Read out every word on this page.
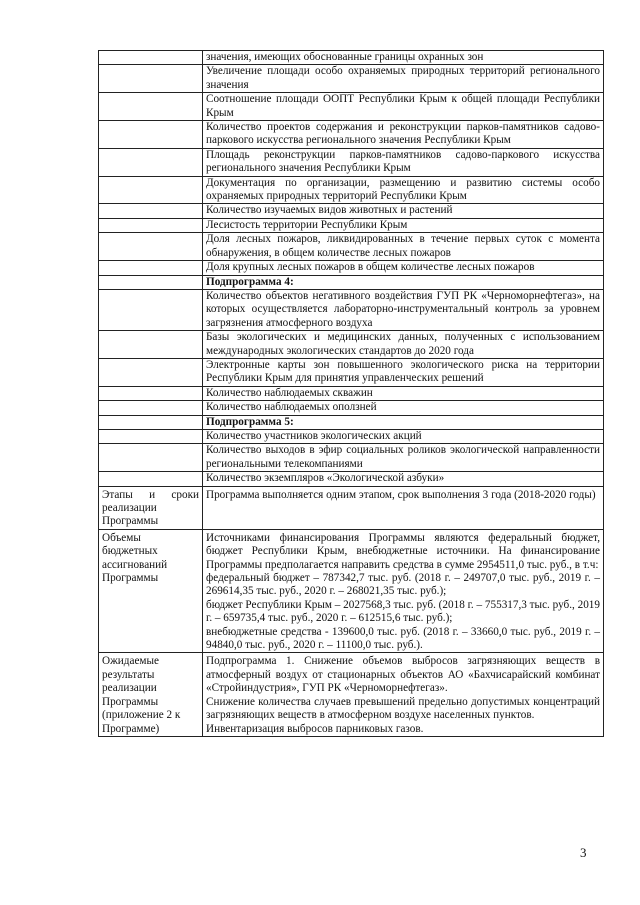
	значения, имеющих обоснованные границы охранных зон
	Увеличение площади особо охраняемых природных территорий регионального значения
	Соотношение площади ООПТ Республики Крым к общей площади Республики Крым
	Количество проектов содержания и реконструкции парков-памятников садово-паркового искусства регионального значения Республики Крым
	Площадь реконструкции парков-памятников садово-паркового искусства регионального значения Республики Крым
	Документация по организации, размещению и развитию системы особо охраняемых природных территорий Республики Крым
	Количество изучаемых видов животных и растений
	Лесистость территории Республики Крым
	Доля лесных пожаров, ликвидированных в течение первых суток с момента обнаружения, в общем количестве лесных пожаров
	Доля крупных лесных пожаров в общем количестве лесных пожаров
	Подпрограмма 4:
	Количество объектов негативного воздействия ГУП РК «Черноморнефтегаз», на которых осуществляется лабораторно-инструментальный контроль за уровнем загрязнения атмосферного воздуха
	Базы экологических и медицинских данных, полученных с использованием международных экологических стандартов до 2020 года
	Электронные карты зон повышенного экологического риска на территории Республики Крым для принятия управленческих решений
	Количество наблюдаемых скважин
	Количество наблюдаемых оползней
	Подпрограмма 5:
	Количество участников экологических акций
	Количество выходов в эфир социальных роликов экологической направленности региональными телекомпаниями
	Количество экземпляров «Экологической азбуки»
Этапы и сроки реализации Программы	Программа выполняется одним этапом, срок выполнения 3 года (2018-2020 годы)
Объемы бюджетных ассигнований Программы	Источниками финансирования Программы являются федеральный бюджет, бюджет Республики Крым, внебюджетные источники. На финансирование Программы предполагается направить средства в сумме 2954511,0 тыс. руб., в т.ч:
федеральный бюджет – 787342,7 тыс. руб. (2018 г. – 249707,0 тыс. руб., 2019 г. – 269614,35 тыс. руб., 2020 г. – 268021,35 тыс. руб.);
бюджет Республики Крым – 2027568,3 тыс. руб. (2018 г. – 755317,3 тыс. руб., 2019 г. – 659735,4 тыс. руб., 2020 г. – 612515,6 тыс. руб.);
внебюджетные средства - 139600,0 тыс. руб. (2018 г. – 33660,0 тыс. руб., 2019 г. – 94840,0 тыс. руб., 2020 г. – 11100,0 тыс. руб.).

Ожидаемые результаты реализации Программы (приложение 2 к Программе)	Подпрограмма 1. Снижение объемов выбросов загрязняющих веществ в атмосферный воздух от стационарных объектов АО «Бахчисарайский комбинат «Стройиндустрия», ГУП РК «Черноморнефтегаз».
Снижение количества случаев превышений предельно допустимых концентраций загрязняющих веществ в атмосферном воздухе населенных пунктов.
Инвентаризация выбросов парниковых газов.
3
